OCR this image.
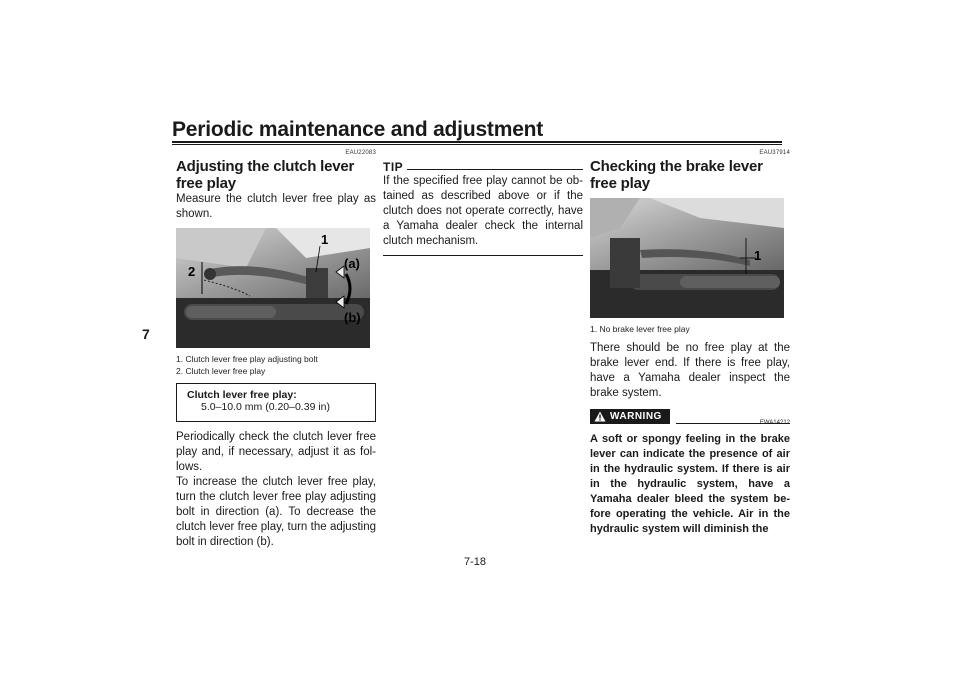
Periodic maintenance and adjustment
7
EAU22083
Adjusting the clutch lever free play
Measure the clutch lever free play as shown.
1
2
(a)
(b)
1. Clutch lever free play adjusting bolt
2. Clutch lever free play
Clutch lever free play:
5.0–10.0 mm (0.20–0.39 in)
Periodically check the clutch lever free play and, if necessary, adjust it as fol-lows.
To increase the clutch lever free play, turn the clutch lever free play adjusting bolt in direction (a). To decrease the clutch lever free play, turn the adjusting bolt in direction (b).
TIP
If the specified free play cannot be ob-tained as described above or if the clutch does not operate correctly, have a Yamaha dealer check the internal clutch mechanism.
EAU37914
Checking the brake lever free play
1
1. No brake lever free play
There should be no free play at the brake lever end. If there is free play, have a Yamaha dealer inspect the brake system.
WARNING
EWA14212
A soft or spongy feeling in the brake lever can indicate the presence of air in the hydraulic system. If there is air in the hydraulic system, have a Yamaha dealer bleed the system be-fore operating the vehicle. Air in the hydraulic system will diminish the
7-18
